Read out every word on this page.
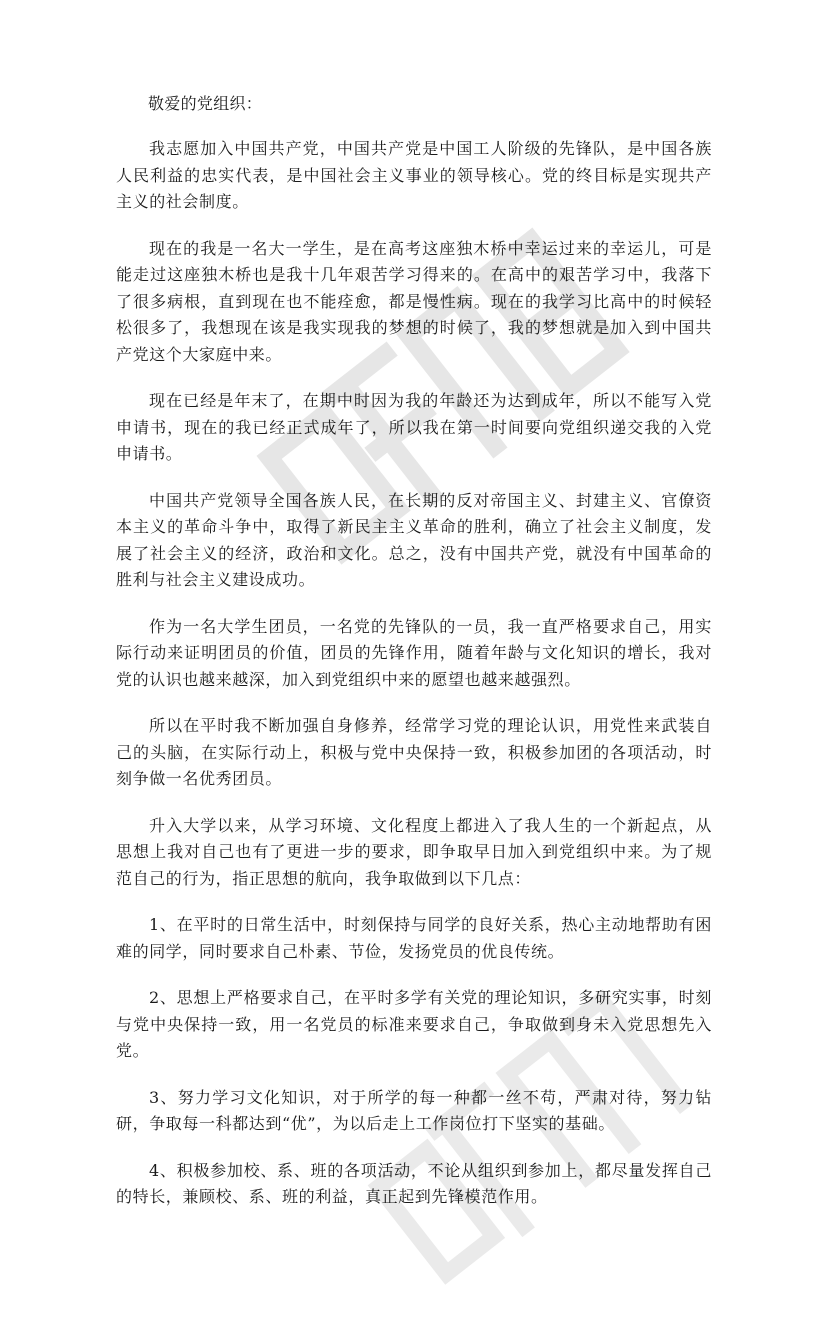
敬爱的党组织：

我志愿加入中国共产党，中国共产党是中国工人阶级的先锋队，是中国各族人民利益的忠实代表，是中国社会主义事业的领导核心。党的终目标是实现共产主义的社会制度。

现在的我是一名大一学生，是在高考这座独木桥中幸运过来的幸运儿，可是能走过这座独木桥也是我十几年艰苦学习得来的。在高中的艰苦学习中，我落下了很多病根，直到现在也不能痊愈，都是慢性病。现在的我学习比高中的时候轻松很多了，我想现在该是我实现我的梦想的时候了，我的梦想就是加入到中国共产党这个大家庭中来。

现在已经是年末了，在期中时因为我的年龄还为达到成年，所以不能写入党申请书，现在的我已经正式成年了，所以我在第一时间要向党组织递交我的入党申请书。

中国共产党领导全国各族人民，在长期的反对帝国主义、封建主义、官僚资本主义的革命斗争中，取得了新民主主义革命的胜利，确立了社会主义制度，发展了社会主义的经济，政治和文化。总之，没有中国共产党，就没有中国革命的胜利与社会主义建设成功。

作为一名大学生团员，一名党的先锋队的一员，我一直严格要求自己，用实际行动来证明团员的价值，团员的先锋作用，随着年龄与文化知识的增长，我对党的认识也越来越深，加入到党组织中来的愿望也越来越强烈。

所以在平时我不断加强自身修养，经常学习党的理论认识，用党性来武装自己的头脑，在实际行动上，积极与党中央保持一致，积极参加团的各项活动，时刻争做一名优秀团员。

升入大学以来，从学习环境、文化程度上都进入了我人生的一个新起点，从思想上我对自己也有了更进一步的要求，即争取早日加入到党组织中来。为了规范自己的行为，指正思想的航向，我争取做到以下几点：

1、在平时的日常生活中，时刻保持与同学的良好关系，热心主动地帮助有困难的同学，同时要求自己朴素、节俭，发扬党员的优良传统。

2、思想上严格要求自己，在平时多学有关党的理论知识，多研究实事，时刻与党中央保持一致，用一名党员的标准来要求自己，争取做到身未入党思想先入党。

3、努力学习文化知识，对于所学的每一种都一丝不苟，严肃对待，努力钻研，争取每一科都达到“优”，为以后走上工作岗位打下坚实的基础。

4、积极参加校、系、班的各项活动，不论从组织到参加上，都尽量发挥自己的特长，兼顾校、系、班的利益，真正起到先锋模范作用。
